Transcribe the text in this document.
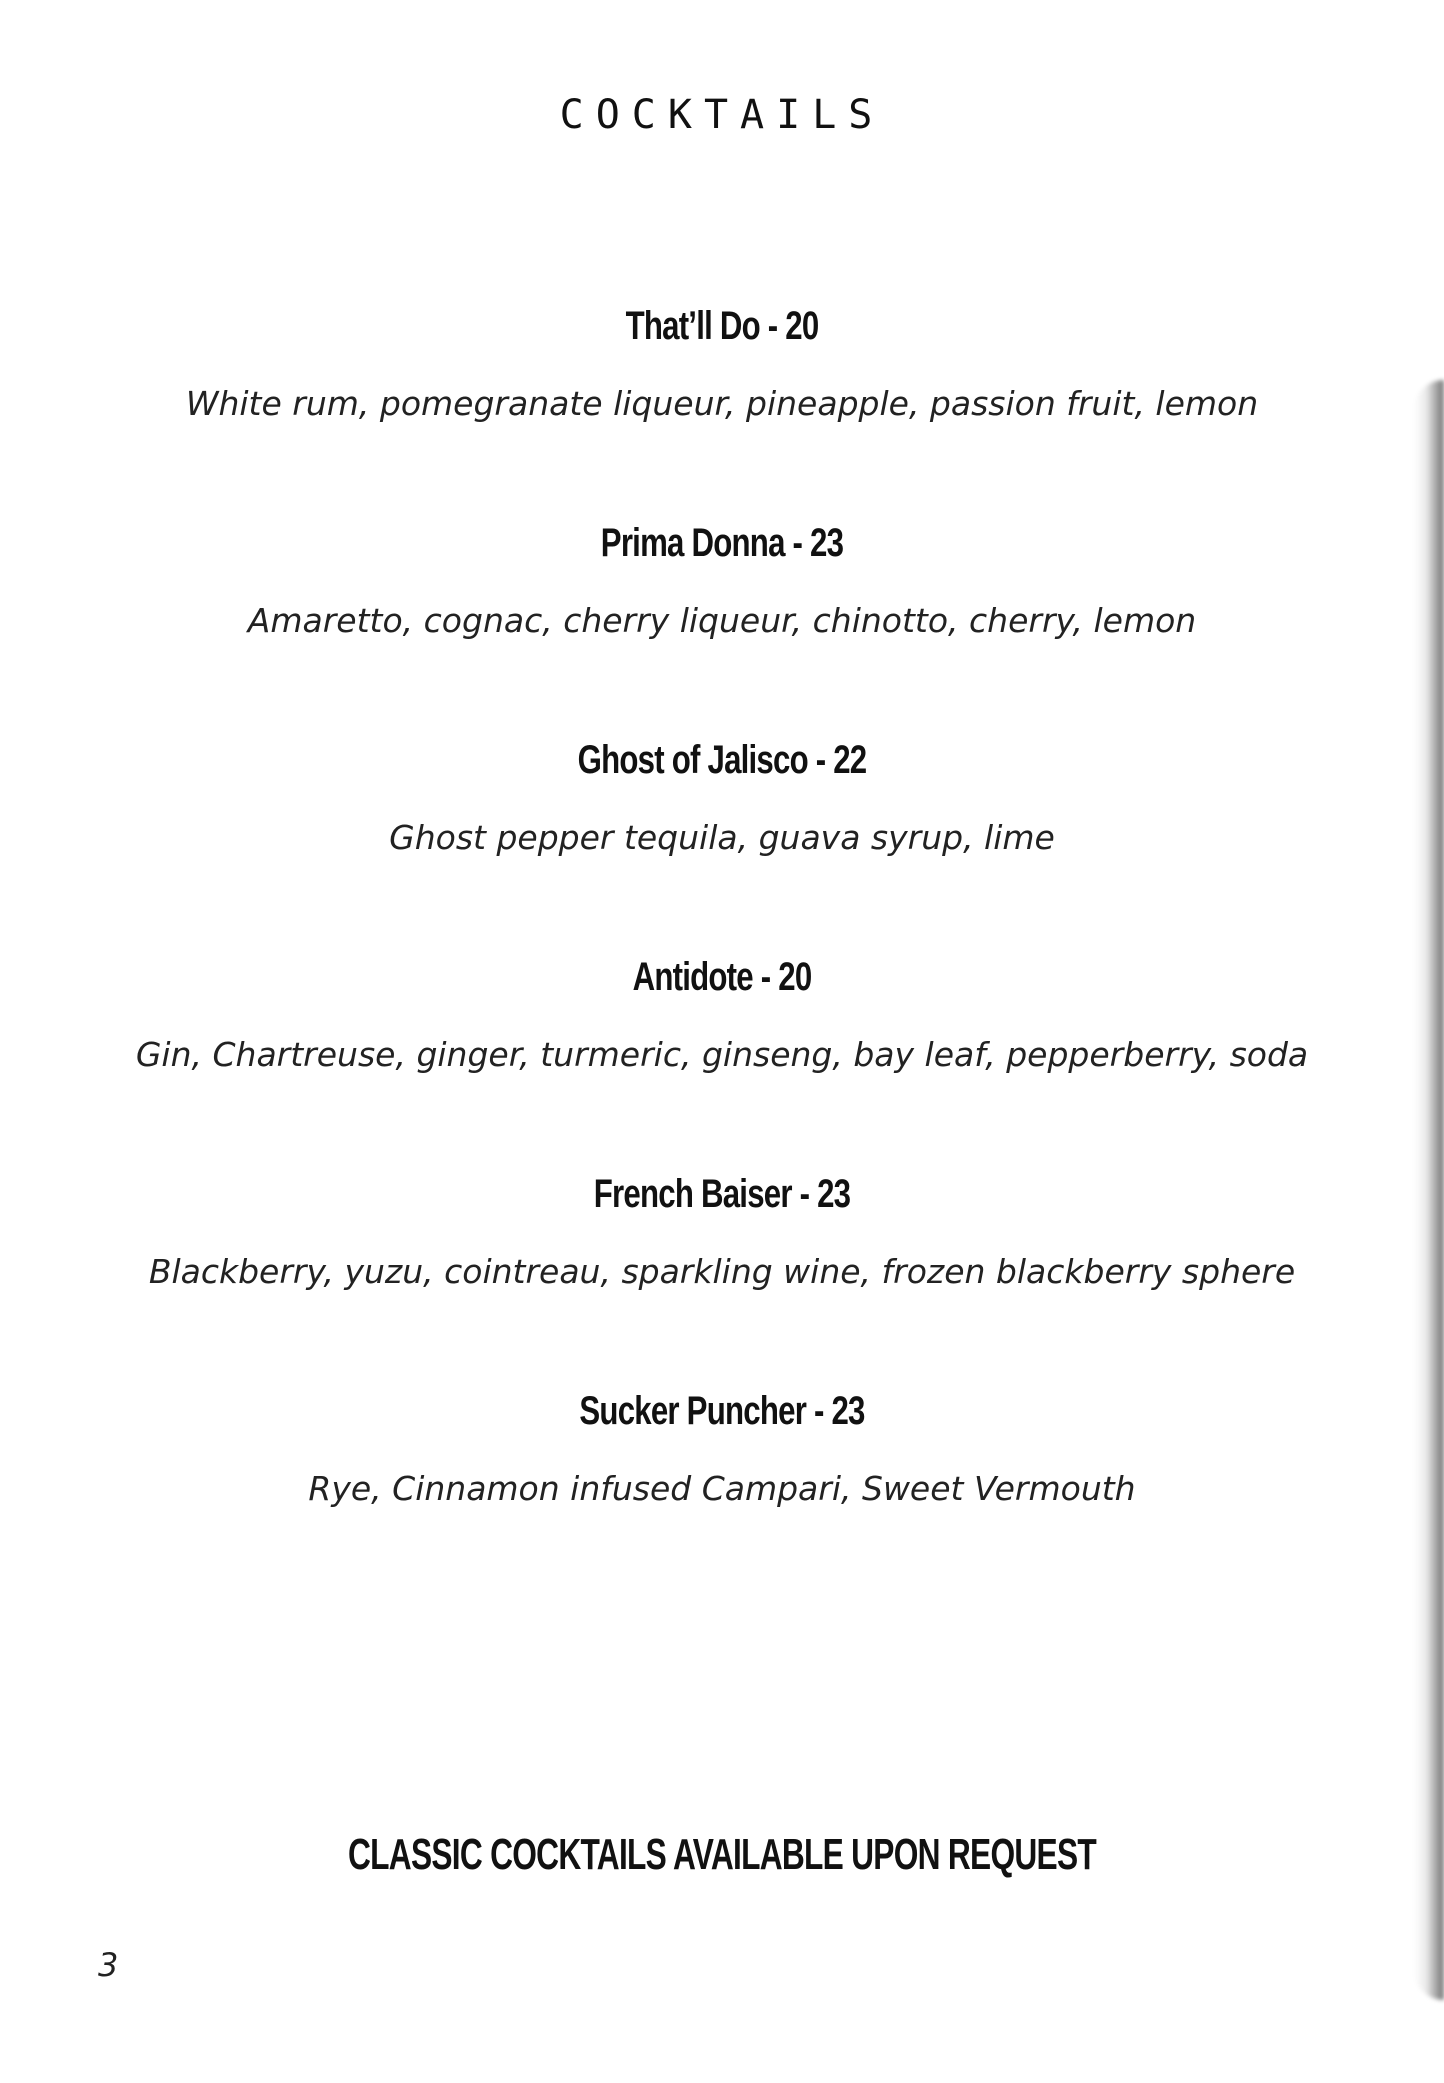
COCKTAILS
That’ll Do - 20

White rum, pomegranate liqueur, pineapple, passion fruit, lemon

Prima Donna - 23

Amaretto, cognac, cherry liqueur, chinotto, cherry, lemon

Ghost of Jalisco - 22

Ghost pepper tequila, guava syrup, lime

Antidote - 20

Gin, Chartreuse, ginger, turmeric, ginseng, bay leaf, pepperberry, soda

French Baiser - 23

Blackberry, yuzu, cointreau, sparkling wine, frozen blackberry sphere

Sucker Puncher - 23

Rye, Cinnamon infused Campari, Sweet Vermouth

CLASSIC COCKTAILS AVAILABLE UPON REQUEST

3
